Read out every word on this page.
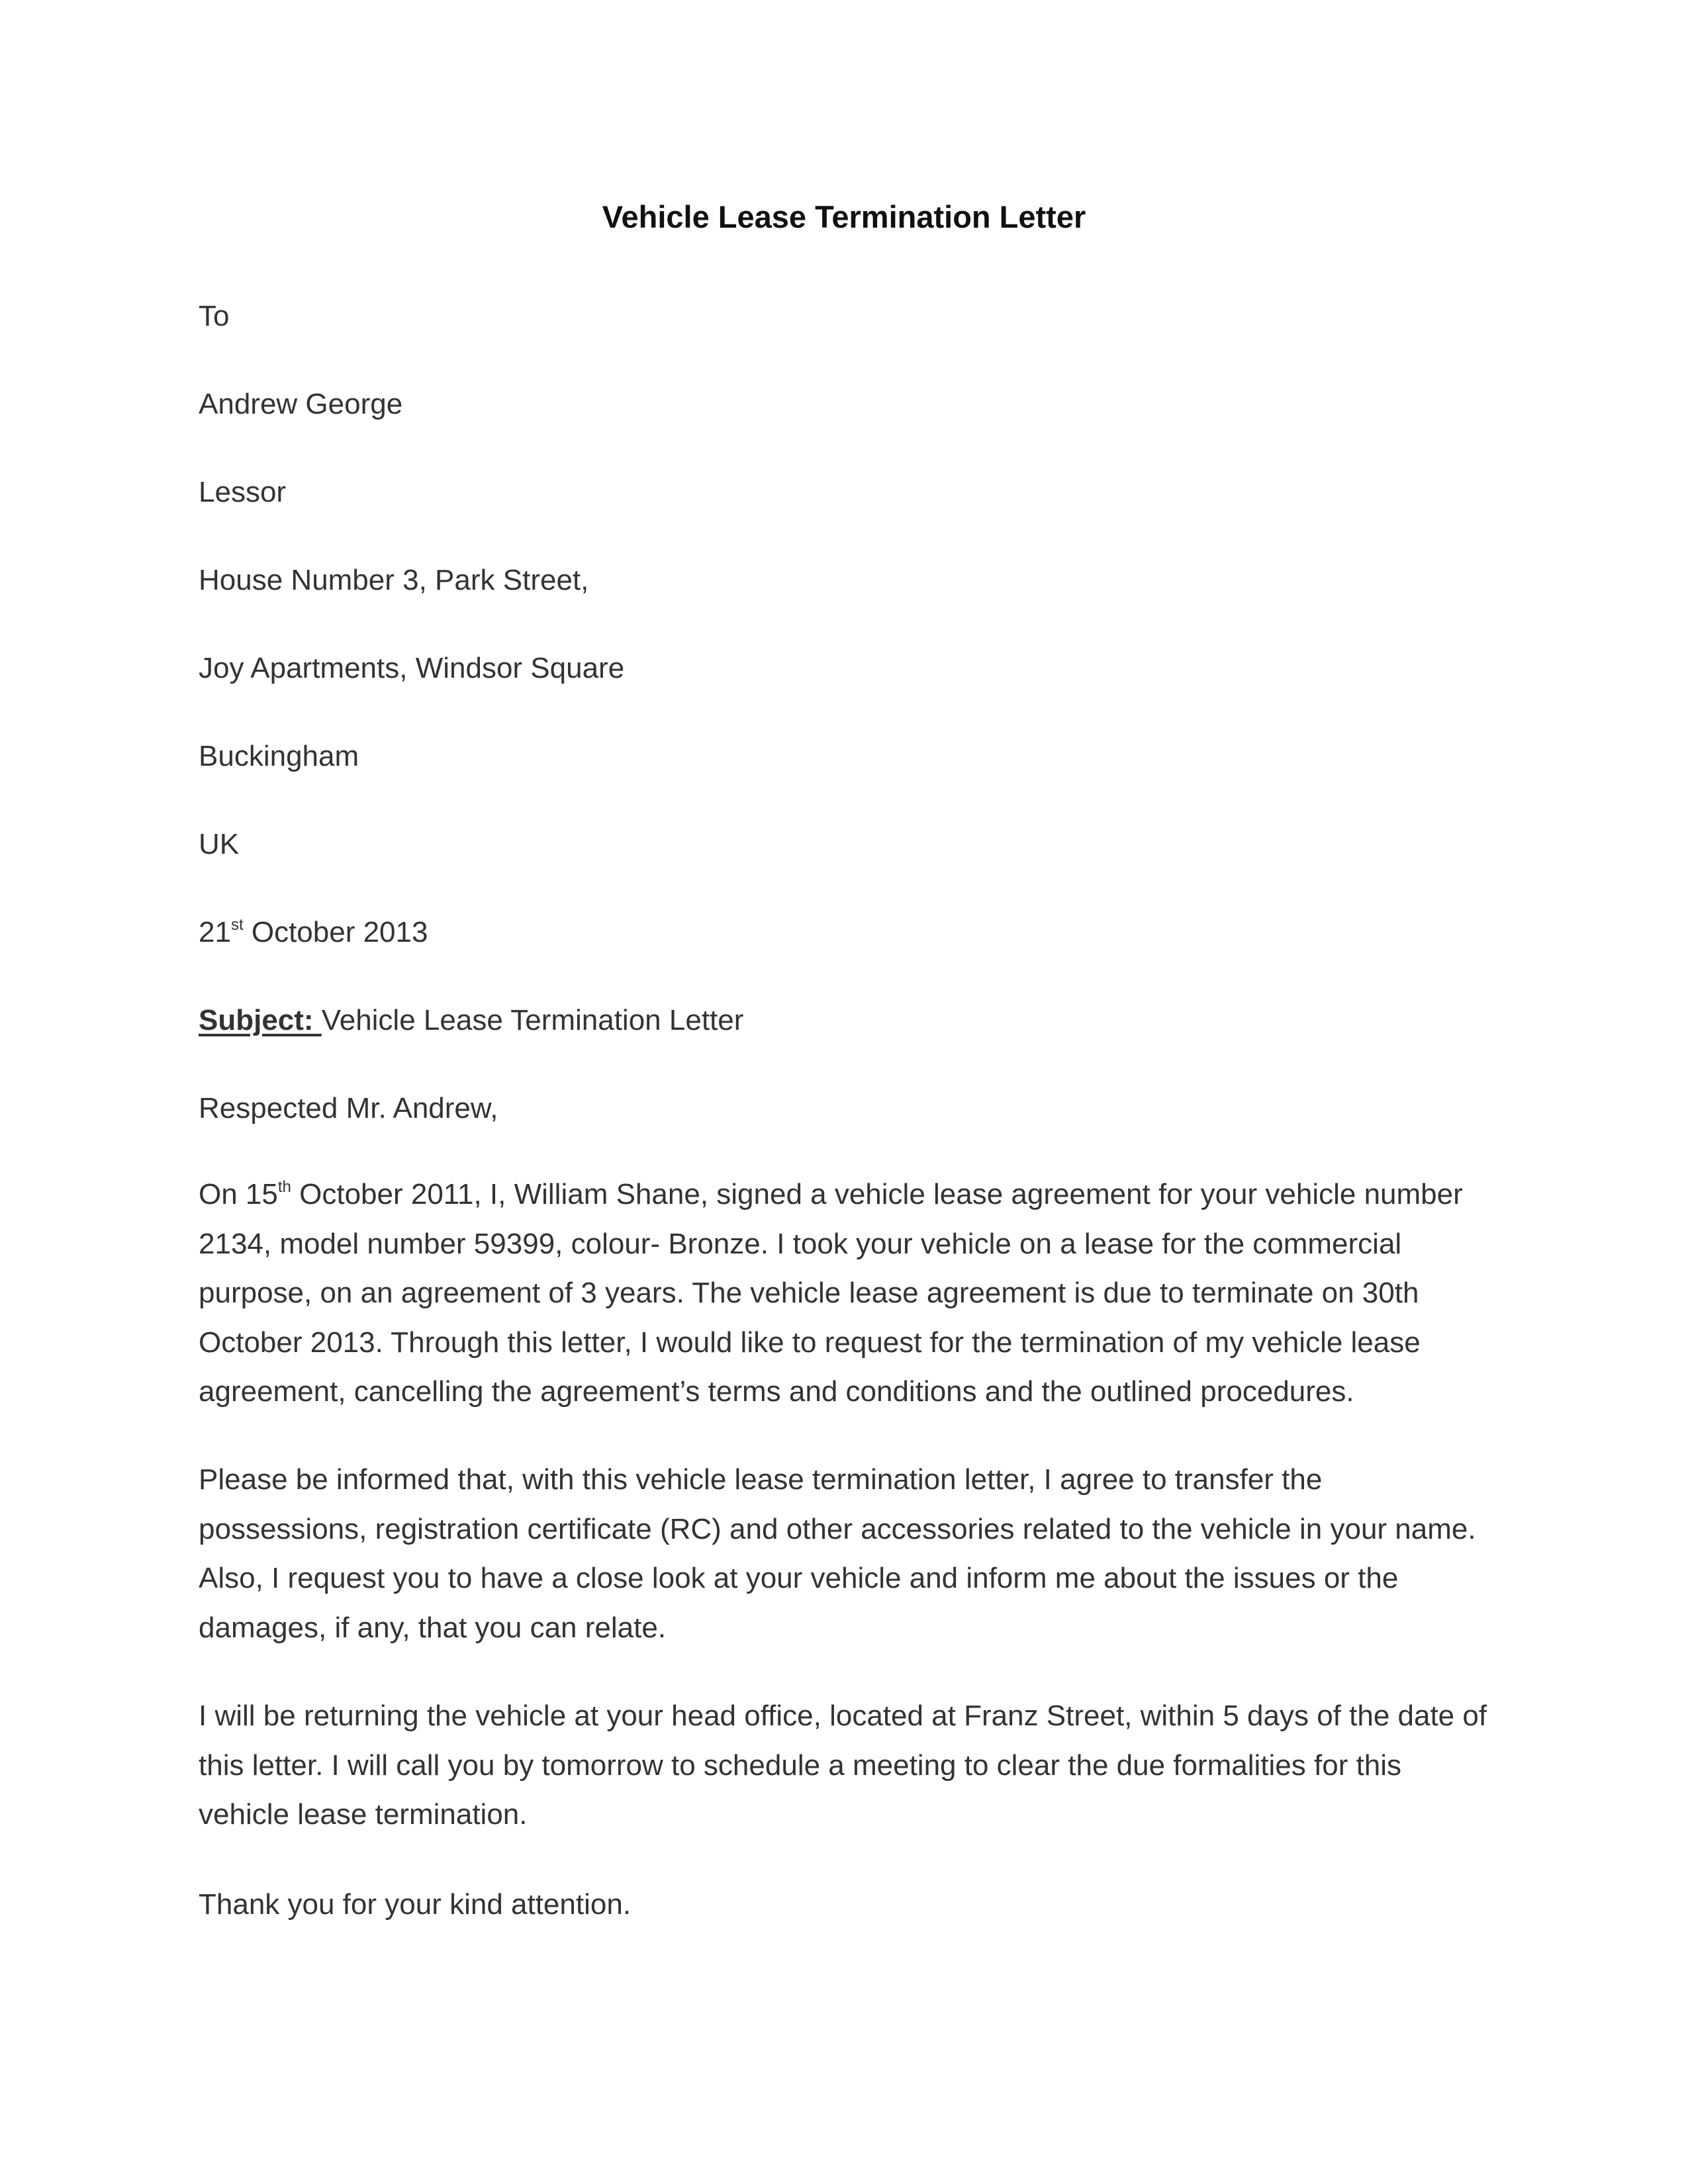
Vehicle Lease Termination Letter

To

Andrew George

Lessor

House Number 3, Park Street,

Joy Apartments, Windsor Square

Buckingham

UK

21st October 2013

Subject: Vehicle Lease Termination Letter

Respected Mr. Andrew,

On 15th October 2011, I, William Shane, signed a vehicle lease agreement for your vehicle number
2134, model number 59399, colour- Bronze. I took your vehicle on a lease for the commercial
purpose, on an agreement of 3 years. The vehicle lease agreement is due to terminate on 30th
October 2013. Through this letter, I would like to request for the termination of my vehicle lease
agreement, cancelling the agreement’s terms and conditions and the outlined procedures.
Please be informed that, with this vehicle lease termination letter, I agree to transfer the
possessions, registration certificate (RC) and other accessories related to the vehicle in your name.
Also, I request you to have a close look at your vehicle and inform me about the issues or the
damages, if any, that you can relate.
I will be returning the vehicle at your head office, located at Franz Street, within 5 days of the date of
this letter. I will call you by tomorrow to schedule a meeting to clear the due formalities for this
vehicle lease termination.

Thank you for your kind attention.
